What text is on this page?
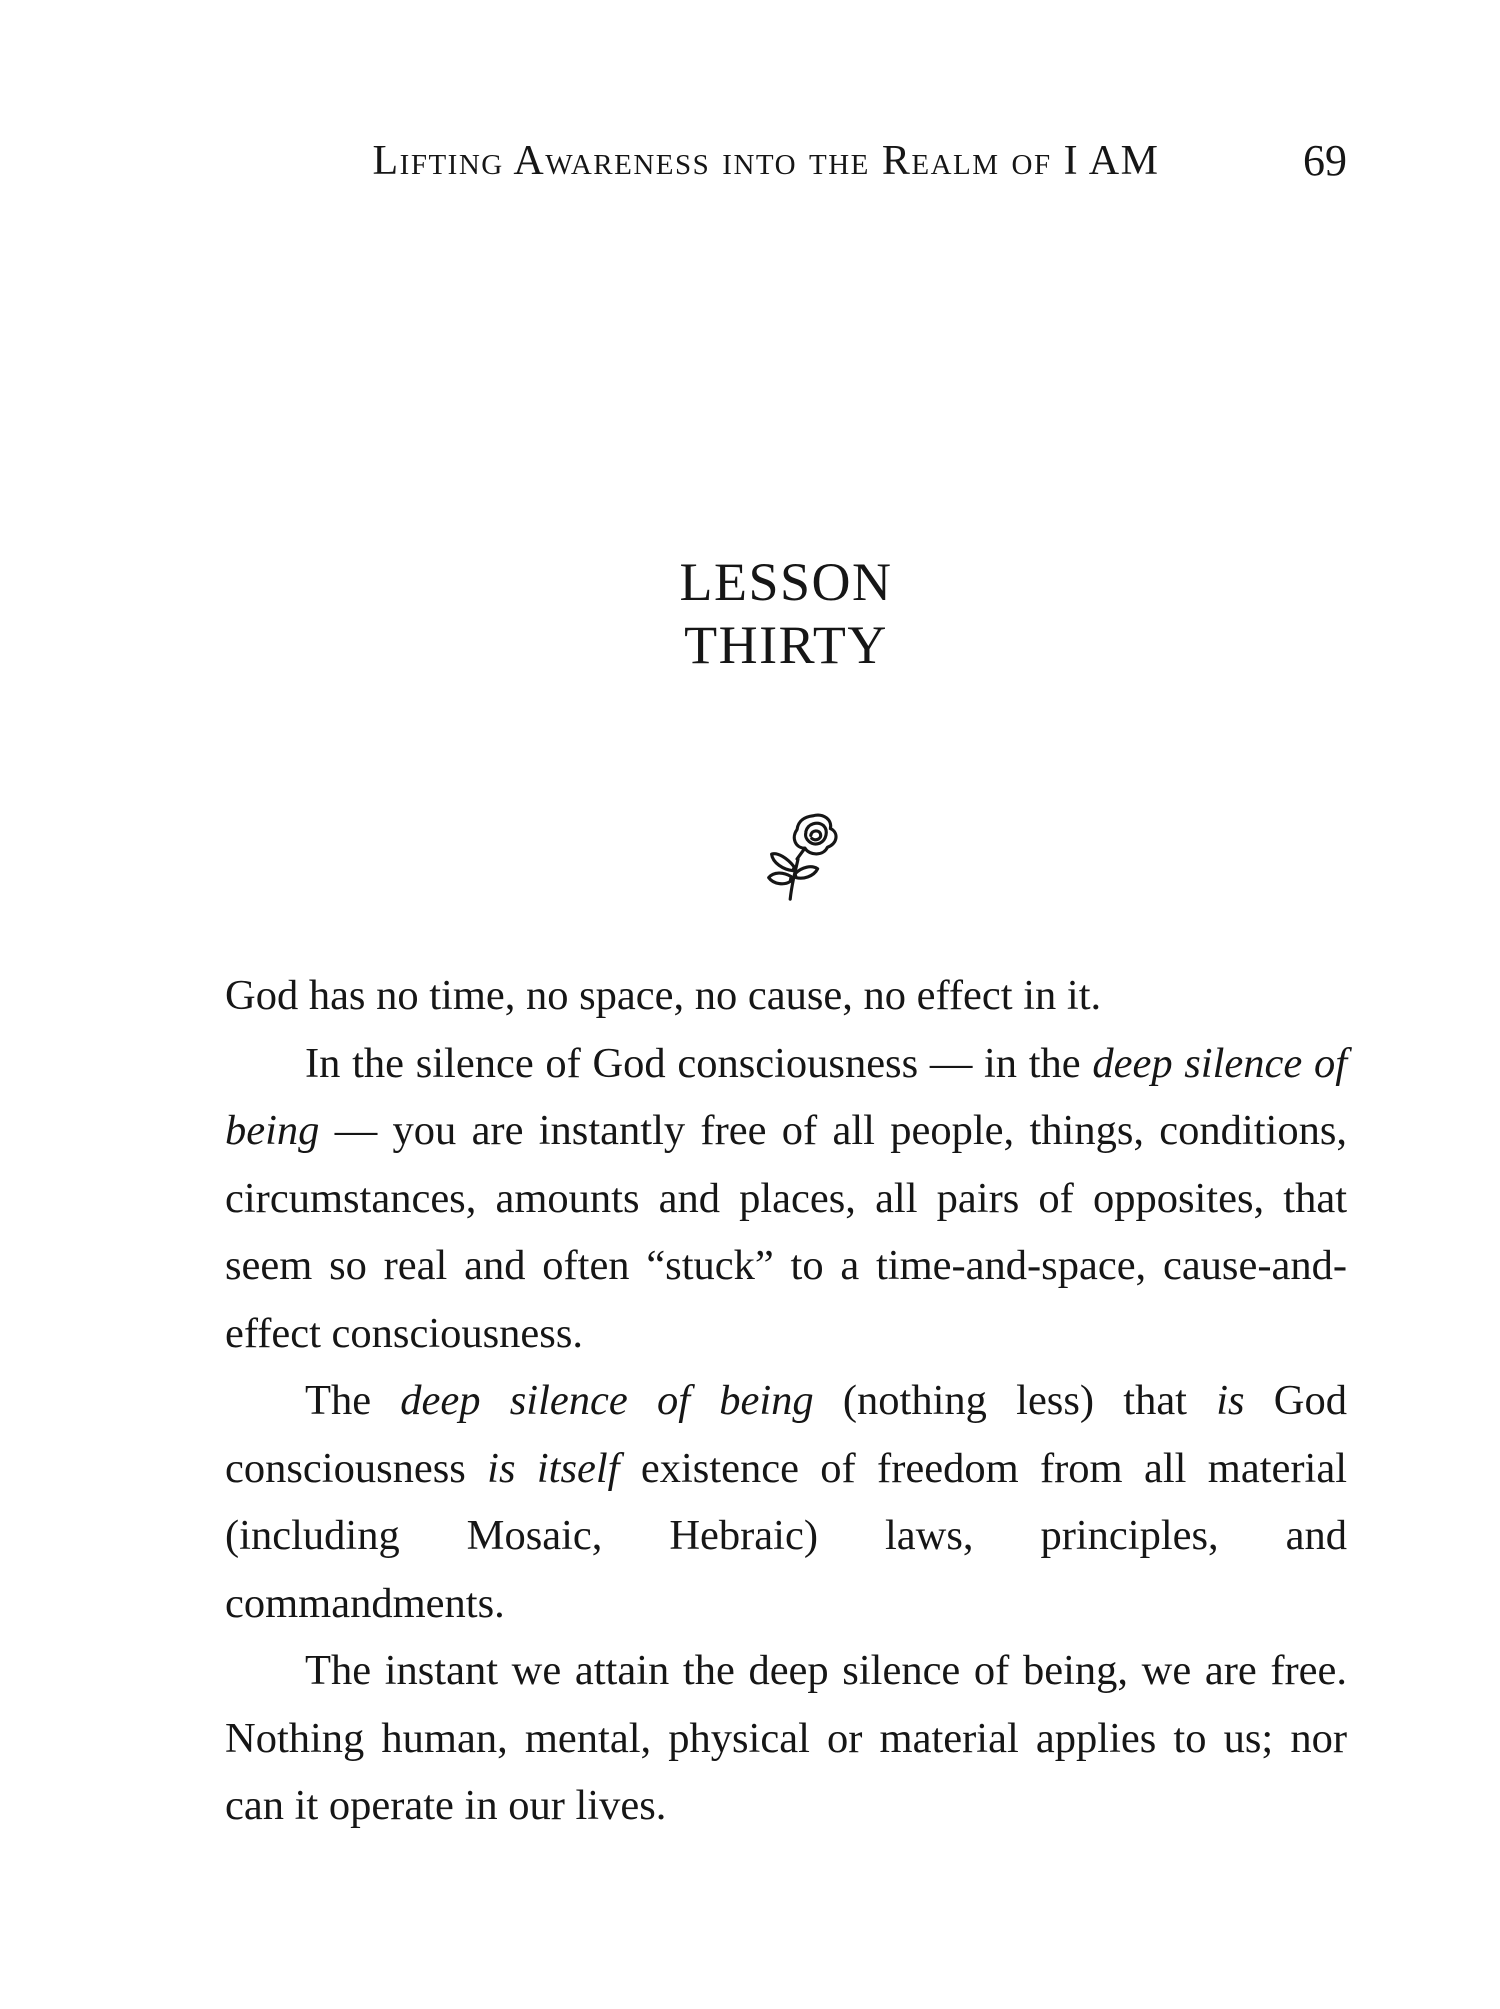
Lifting Awareness into the Realm of I AM	69
LESSON
THIRTY

God has no time, no space, no cause, no effect in it.

In the silence of God consciousness — in the deep silence of being — you are instantly free of all people, things, conditions, circumstances, amounts and places, all pairs of opposites, that seem so real and often “stuck” to a time-and-space, cause-and-effect consciousness.

The deep silence of being (nothing less) that is God consciousness is itself existence of freedom from all material (including Mosaic, Hebraic) laws, principles, and commandments.

The instant we attain the deep silence of being, we are free. Nothing human, mental, physical or material applies to us; nor can it operate in our lives.
